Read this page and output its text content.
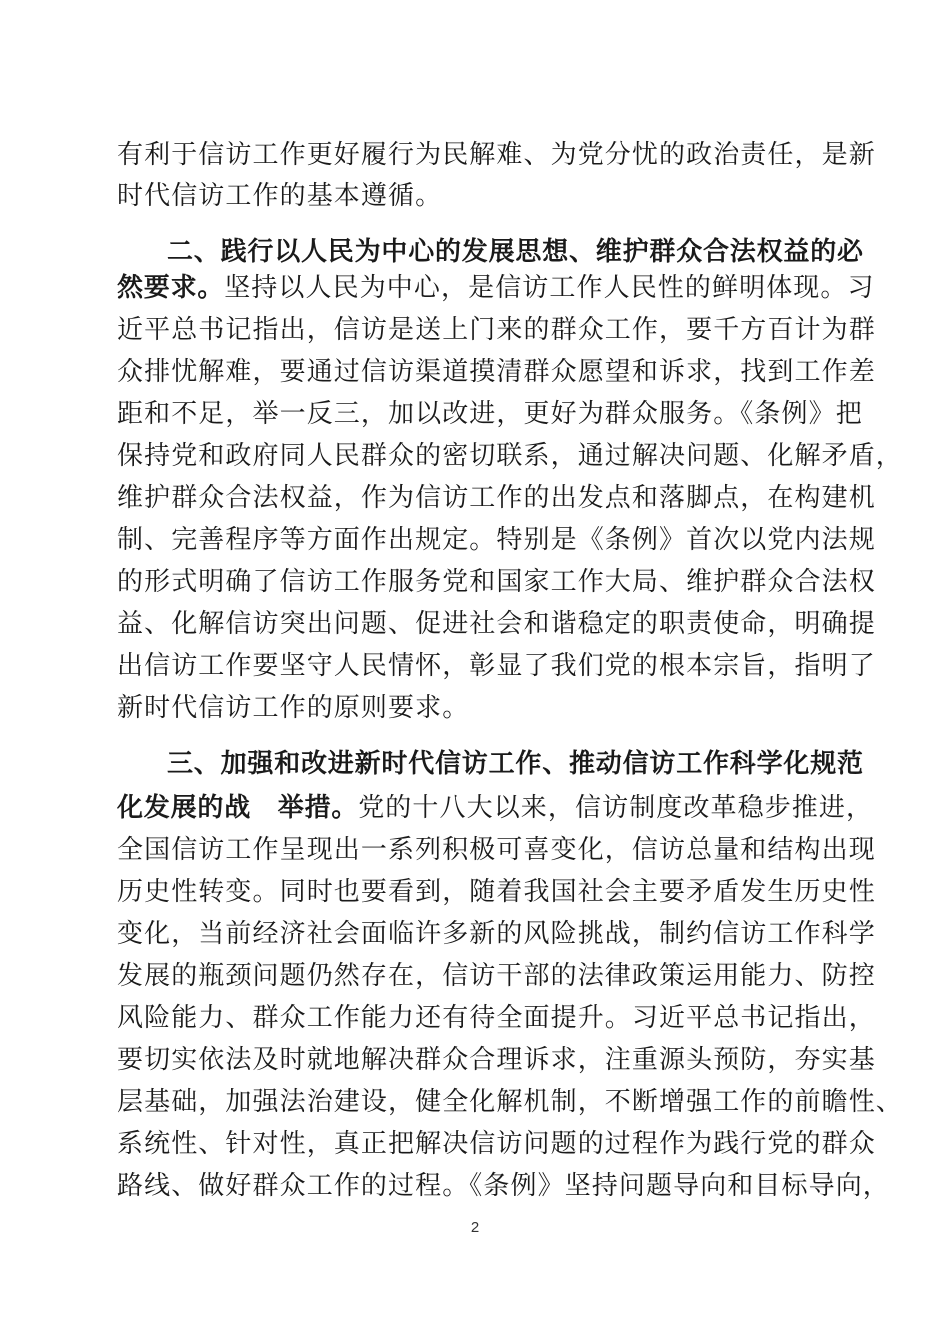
有利于信访工作更好履行为民解难、为党分忧的政治责任，是新
时代信访工作的基本遵循。
二、践行以人民为中心的发展思想、维护群众合法权益的必
然要求。坚持以人民为中心，是信访工作人民性的鲜明体现。习
近平总书记指出，信访是送上门来的群众工作，要千方百计为群
众排忧解难，要通过信访渠道摸清群众愿望和诉求，找到工作差
距和不足，举一反三，加以改进，更好为群众服务。《条例》把
保持党和政府同人民群众的密切联系，通过解决问题、化解矛盾，
维护群众合法权益，作为信访工作的出发点和落脚点，在构建机
制、完善程序等方面作出规定。特别是《条例》首次以党内法规
的形式明确了信访工作服务党和国家工作大局、维护群众合法权
益、化解信访突出问题、促进社会和谐稳定的职责使命，明确提
出信访工作要坚守人民情怀，彰显了我们党的根本宗旨，指明了
新时代信访工作的原则要求。
三、加强和改进新时代信访工作、推动信访工作科学化规范
化发展的战　举措。党的十八大以来，信访制度改革稳步推进，
全国信访工作呈现出一系列积极可喜变化，信访总量和结构出现
历史性转变。同时也要看到，随着我国社会主要矛盾发生历史性
变化，当前经济社会面临许多新的风险挑战，制约信访工作科学
发展的瓶颈问题仍然存在，信访干部的法律政策运用能力、防控
风险能力、群众工作能力还有待全面提升。习近平总书记指出，
要切实依法及时就地解决群众合理诉求，注重源头预防，夯实基
层基础，加强法治建设，健全化解机制，不断增强工作的前瞻性、
系统性、针对性，真正把解决信访问题的过程作为践行党的群众
路线、做好群众工作的过程。《条例》坚持问题导向和目标导向，
2
